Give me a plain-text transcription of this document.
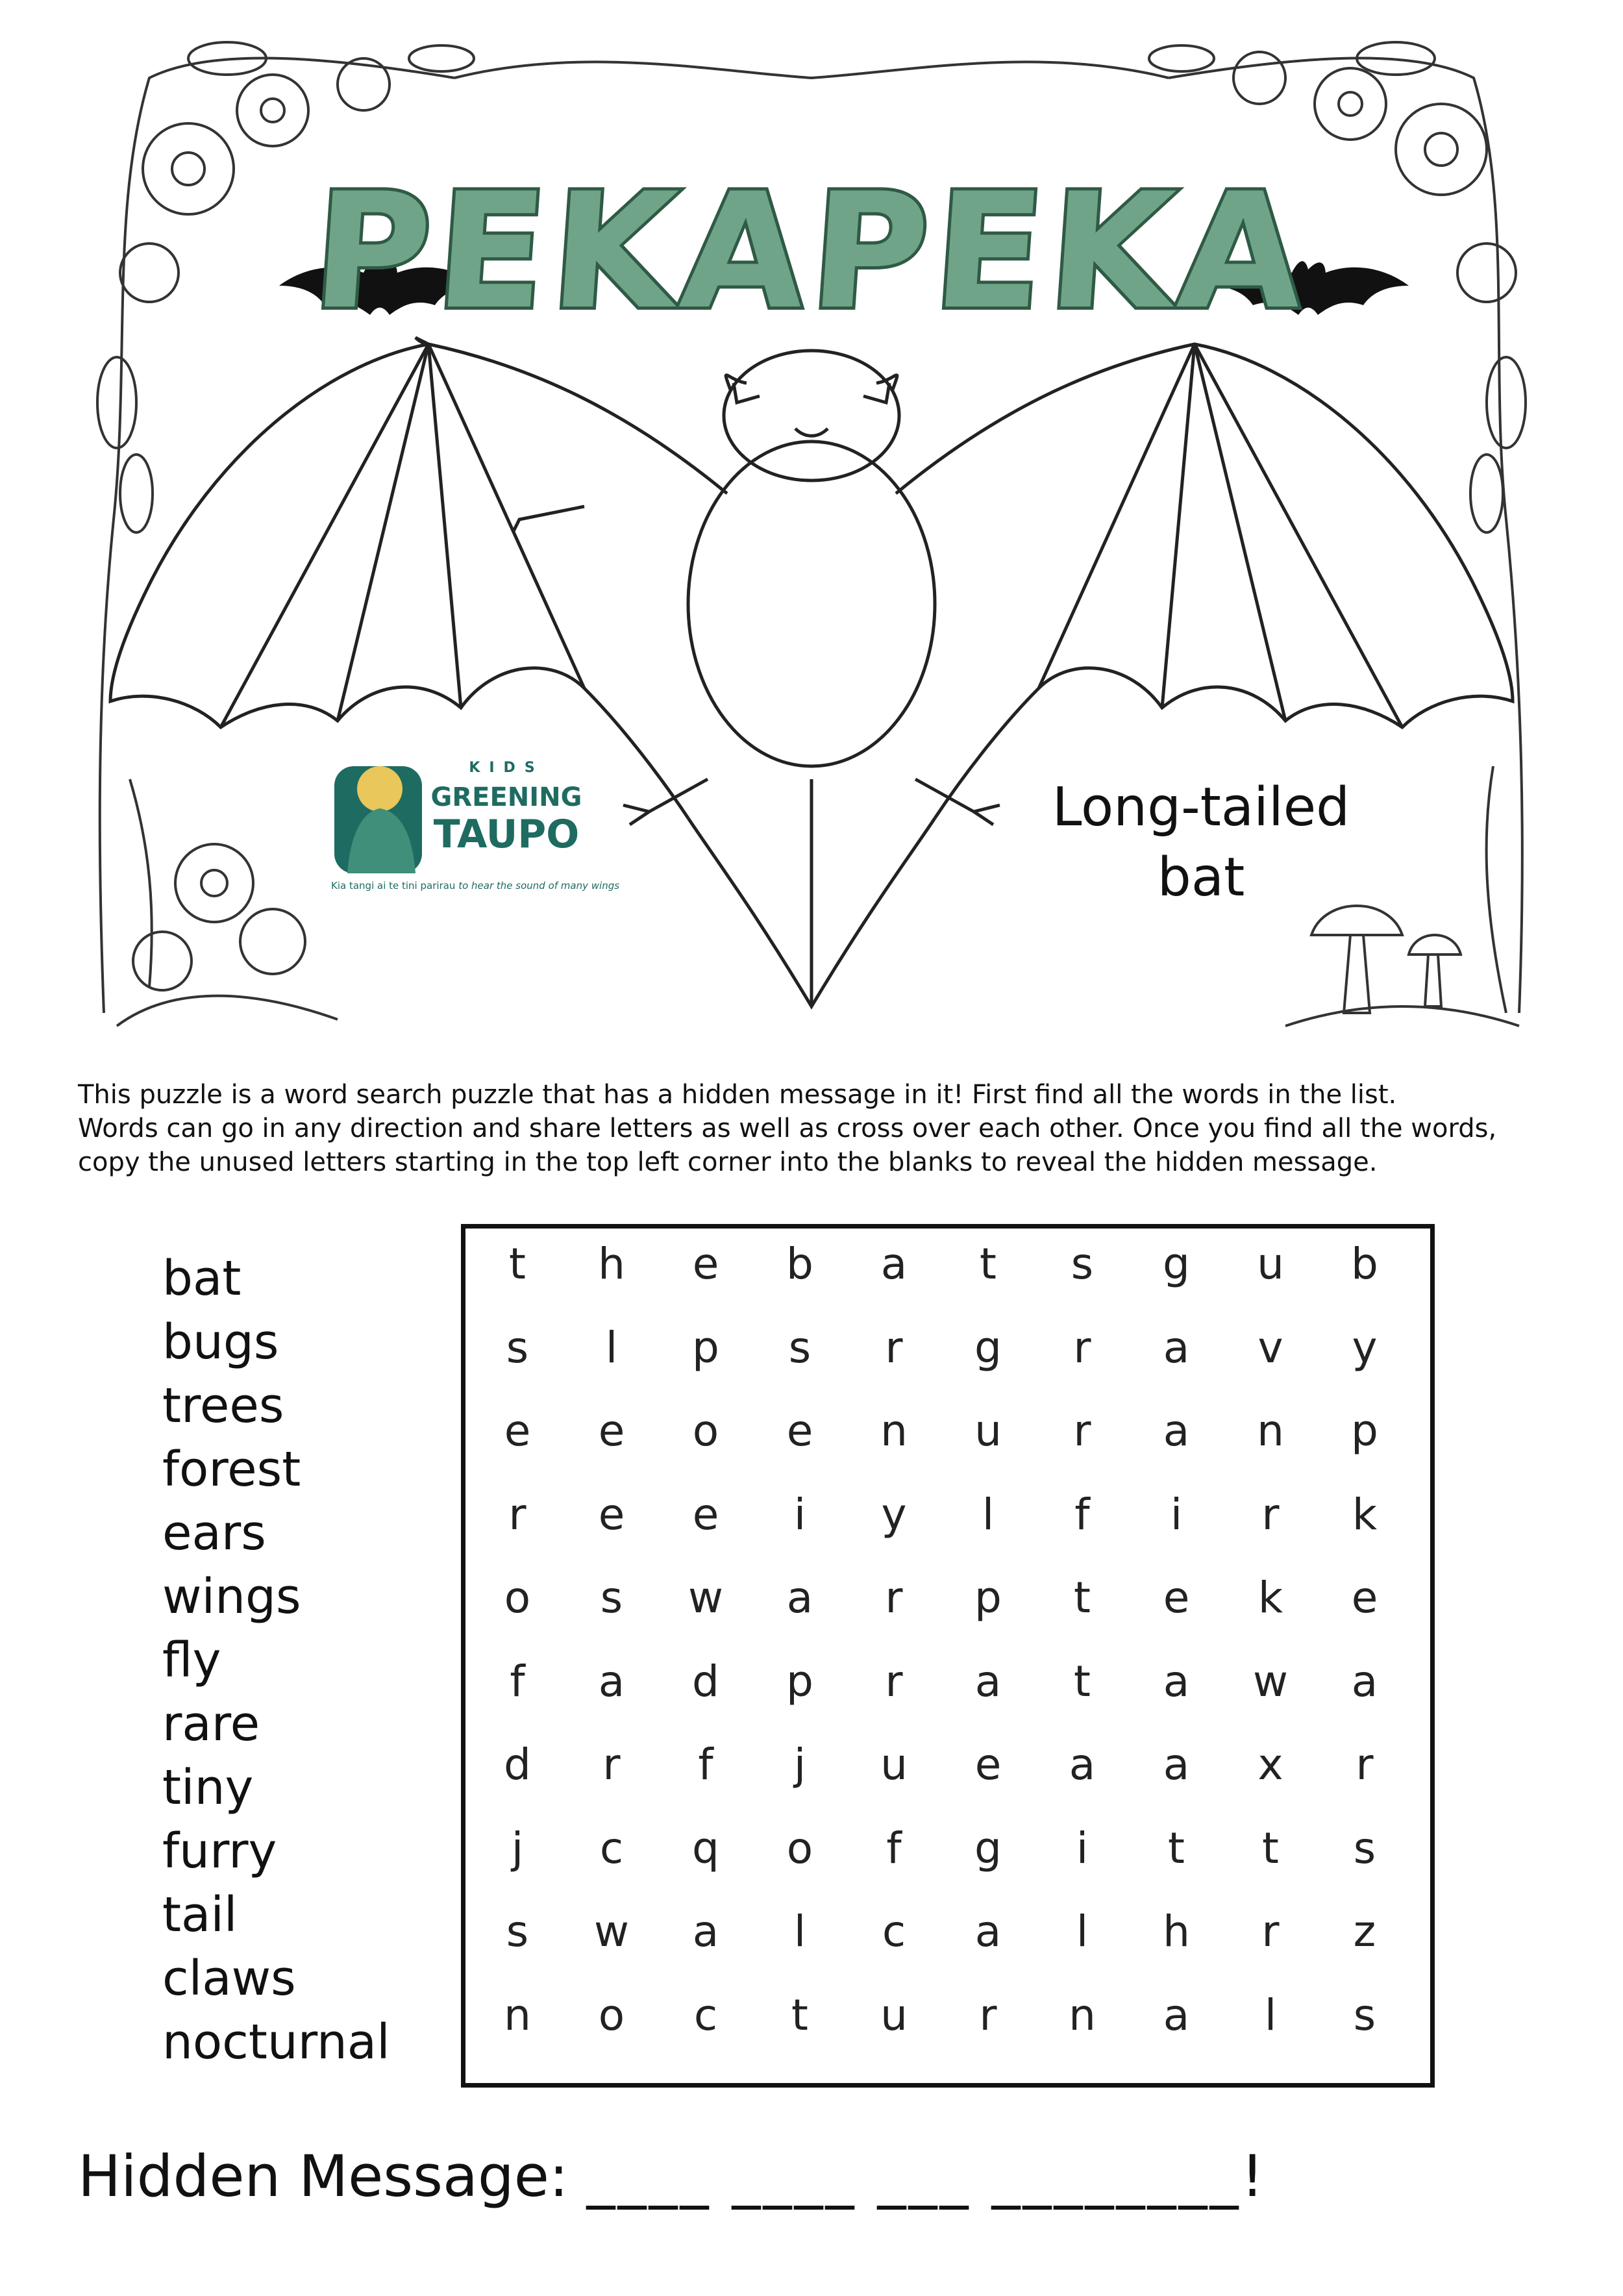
PEKAPEKA
Long-tailed
bat
KIDS
GREENING
TAUPO
Kia tangi ai te tini parirau to hear the sound of many wings

This puzzle is a word search puzzle that has a hidden message in it! First find all the words in the list.

Words can go in any direction and share letters as well as cross over each other. Once you find all the words,

copy the unused letters starting in the top left corner into the blanks to reveal the hidden message.

bat
bugs
trees
forest
ears
wings
fly
rare
tiny
furry
tail
claws
nocturnal
t	h	e	b	a	t	s	g	u	b
s	l	p	s	r	g	r	a	v	y
e	e	o	e	n	u	r	a	n	p
r	e	e	i	y	l	f	i	r	k
o	s	w	a	r	p	t	e	k	e
f	a	d	p	r	a	t	a	w	a
d	r	f	j	u	e	a	a	x	r
j	c	q	o	f	g	i	t	t	s
s	w	a	l	c	a	l	h	r	z
n	o	c	t	u	r	n	a	l	s
Hidden Message: ____ ____ ___ ________!
